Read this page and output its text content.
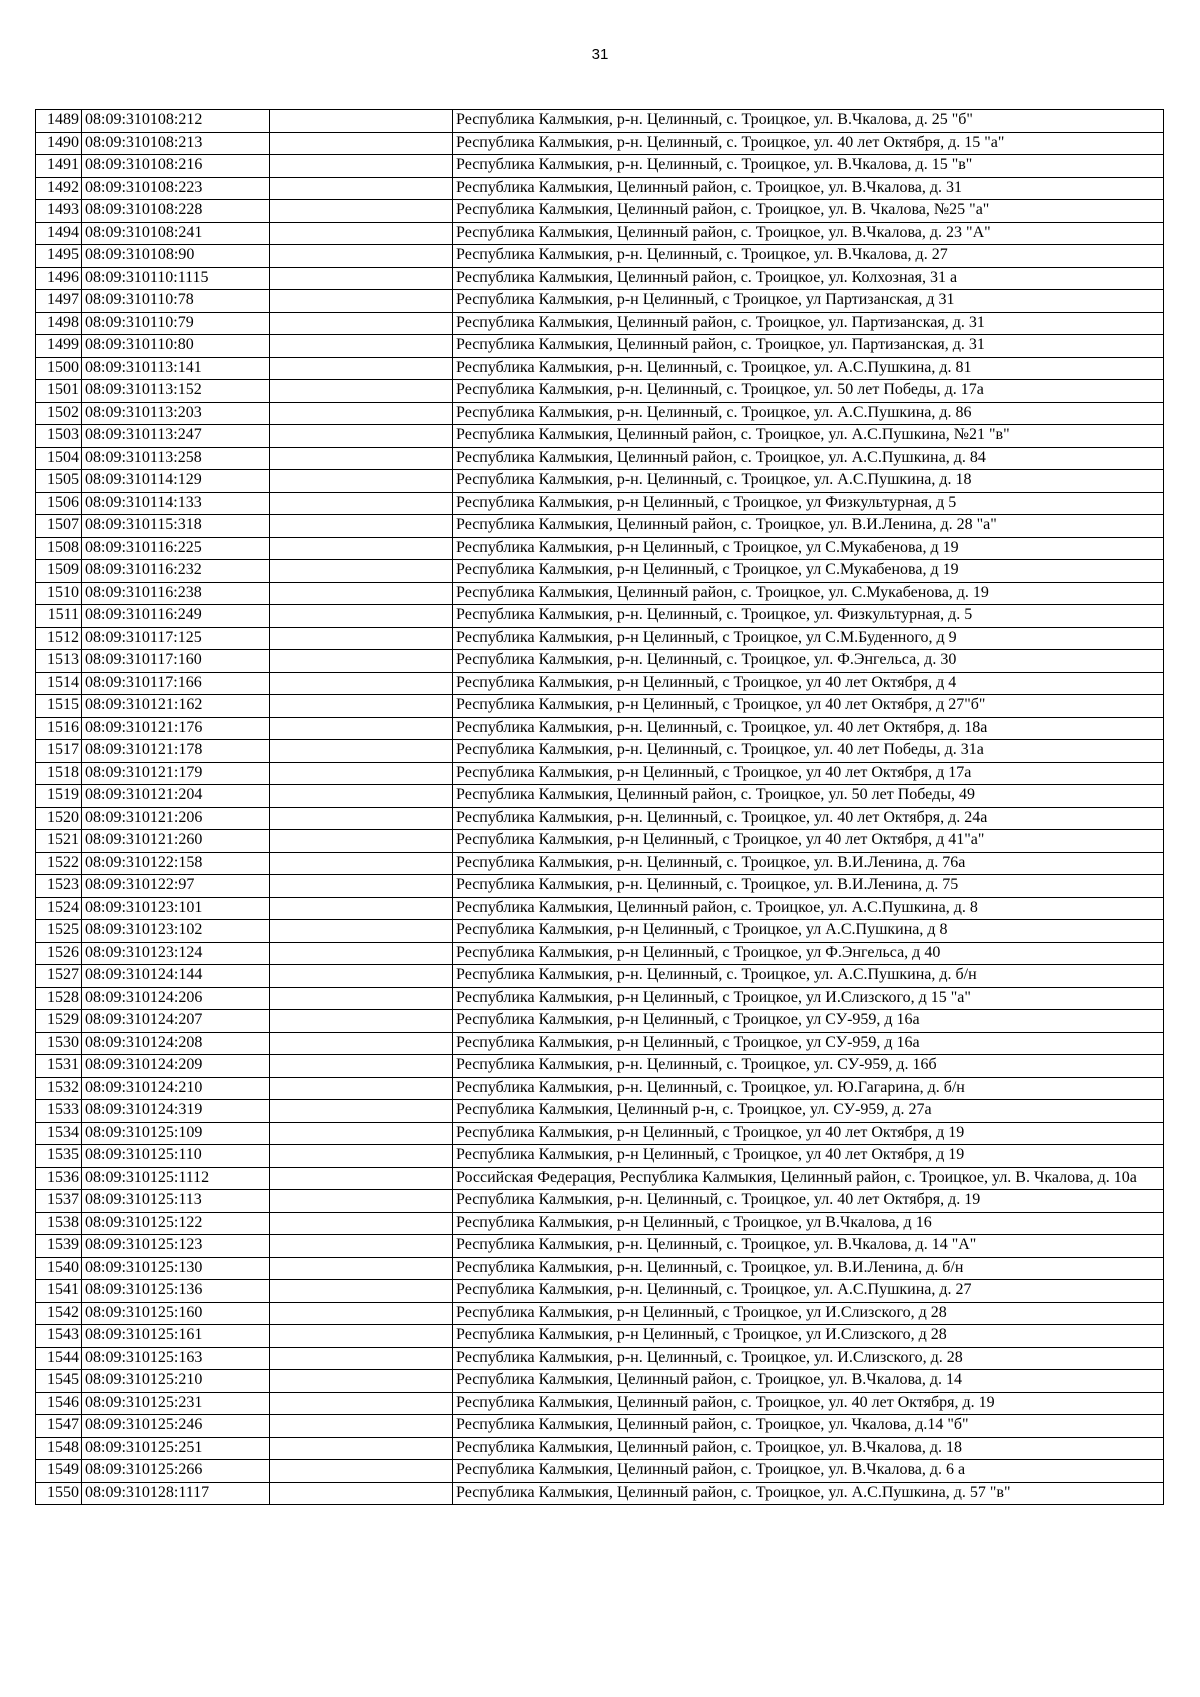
31
1489	08:09:310108:212		Республика Калмыкия, р-н. Целинный, с. Троицкое, ул. В.Чкалова, д. 25 "б"
1490	08:09:310108:213		Республика Калмыкия, р-н. Целинный, с. Троицкое, ул. 40 лет Октября, д. 15 "а"
1491	08:09:310108:216		Республика Калмыкия, р-н. Целинный, с. Троицкое, ул. В.Чкалова, д. 15 "в"
1492	08:09:310108:223		Республика Калмыкия, Целинный район, с. Троицкое, ул. В.Чкалова, д. 31
1493	08:09:310108:228		Республика Калмыкия, Целинный район, с. Троицкое, ул. В. Чкалова, №25 "а"
1494	08:09:310108:241		Республика Калмыкия, Целинный район, с. Троицкое, ул. В.Чкалова, д. 23 "А"
1495	08:09:310108:90		Республика Калмыкия, р-н. Целинный, с. Троицкое, ул. В.Чкалова, д. 27
1496	08:09:310110:1115		Республика Калмыкия, Целинный район, с. Троицкое, ул. Колхозная, 31 а
1497	08:09:310110:78		Республика Калмыкия, р-н Целинный, с Троицкое, ул Партизанская, д 31
1498	08:09:310110:79		Республика Калмыкия, Целинный район, с. Троицкое, ул. Партизанская, д. 31
1499	08:09:310110:80		Республика Калмыкия, Целинный район, с. Троицкое, ул. Партизанская, д. 31
1500	08:09:310113:141		Республика Калмыкия, р-н. Целинный, с. Троицкое, ул. А.С.Пушкина, д. 81
1501	08:09:310113:152		Республика Калмыкия, р-н. Целинный, с. Троицкое, ул. 50 лет Победы, д. 17а
1502	08:09:310113:203		Республика Калмыкия, р-н. Целинный, с. Троицкое, ул. А.С.Пушкина, д. 86
1503	08:09:310113:247		Республика Калмыкия, Целинный район, с. Троицкое, ул. А.С.Пушкина, №21 "в"
1504	08:09:310113:258		Республика Калмыкия, Целинный район, с. Троицкое, ул. А.С.Пушкина, д. 84
1505	08:09:310114:129		Республика Калмыкия, р-н. Целинный, с. Троицкое, ул. А.С.Пушкина, д. 18
1506	08:09:310114:133		Республика Калмыкия, р-н Целинный, с Троицкое, ул Физкультурная, д 5
1507	08:09:310115:318		Республика Калмыкия, Целинный район, с. Троицкое, ул. В.И.Ленина, д. 28 "а"
1508	08:09:310116:225		Республика Калмыкия, р-н Целинный, с Троицкое, ул С.Мукабенова, д 19
1509	08:09:310116:232		Республика Калмыкия, р-н Целинный, с Троицкое, ул С.Мукабенова, д 19
1510	08:09:310116:238		Республика Калмыкия, Целинный район, с. Троицкое, ул. С.Мукабенова, д. 19
1511	08:09:310116:249		Республика Калмыкия, р-н. Целинный, с. Троицкое, ул. Физкультурная, д. 5
1512	08:09:310117:125		Республика Калмыкия, р-н Целинный, с Троицкое, ул С.М.Буденного, д 9
1513	08:09:310117:160		Республика Калмыкия, р-н. Целинный, с. Троицкое, ул. Ф.Энгельса, д. 30
1514	08:09:310117:166		Республика Калмыкия, р-н Целинный, с Троицкое, ул 40 лет Октября, д 4
1515	08:09:310121:162		Республика Калмыкия, р-н Целинный, с Троицкое, ул 40 лет Октября, д 27"б"
1516	08:09:310121:176		Республика Калмыкия, р-н. Целинный, с. Троицкое, ул. 40 лет Октября, д. 18а
1517	08:09:310121:178		Республика Калмыкия, р-н. Целинный, с. Троицкое, ул. 40 лет Победы, д. 31а
1518	08:09:310121:179		Республика Калмыкия, р-н Целинный, с Троицкое, ул 40 лет Октября, д 17а
1519	08:09:310121:204		Республика Калмыкия, Целинный район, с. Троицкое, ул. 50 лет Победы, 49
1520	08:09:310121:206		Республика Калмыкия, р-н. Целинный, с. Троицкое, ул. 40 лет Октября, д. 24а
1521	08:09:310121:260		Республика Калмыкия, р-н Целинный, с Троицкое, ул 40 лет Октября, д 41"а"
1522	08:09:310122:158		Республика Калмыкия, р-н. Целинный, с. Троицкое, ул. В.И.Ленина, д. 76а
1523	08:09:310122:97		Республика Калмыкия, р-н. Целинный, с. Троицкое, ул. В.И.Ленина, д. 75
1524	08:09:310123:101		Республика Калмыкия, Целинный район, с. Троицкое, ул. А.С.Пушкина, д. 8
1525	08:09:310123:102		Республика Калмыкия, р-н Целинный, с Троицкое, ул А.С.Пушкина, д 8
1526	08:09:310123:124		Республика Калмыкия, р-н Целинный, с Троицкое, ул Ф.Энгельса, д 40
1527	08:09:310124:144		Республика Калмыкия, р-н. Целинный, с. Троицкое, ул. А.С.Пушкина, д. б/н
1528	08:09:310124:206		Республика Калмыкия, р-н Целинный, с Троицкое, ул И.Слизского, д 15 "а"
1529	08:09:310124:207		Республика Калмыкия, р-н Целинный, с Троицкое, ул СУ-959, д 16а
1530	08:09:310124:208		Республика Калмыкия, р-н Целинный, с Троицкое, ул СУ-959, д 16а
1531	08:09:310124:209		Республика Калмыкия, р-н. Целинный, с. Троицкое, ул. СУ-959, д. 16б
1532	08:09:310124:210		Республика Калмыкия, р-н. Целинный, с. Троицкое, ул. Ю.Гагарина, д. б/н
1533	08:09:310124:319		Республика Калмыкия, Целинный р-н, с. Троицкое, ул. СУ-959, д. 27а
1534	08:09:310125:109		Республика Калмыкия, р-н Целинный, с Троицкое, ул 40 лет Октября, д 19
1535	08:09:310125:110		Республика Калмыкия, р-н Целинный, с Троицкое, ул 40 лет Октября, д 19
1536	08:09:310125:1112		Российская Федерация, Республика Калмыкия, Целинный район, с. Троицкое, ул. В. Чкалова, д. 10а
1537	08:09:310125:113		Республика Калмыкия, р-н. Целинный, с. Троицкое, ул. 40 лет Октября, д. 19
1538	08:09:310125:122		Республика Калмыкия, р-н Целинный, с Троицкое, ул В.Чкалова, д 16
1539	08:09:310125:123		Республика Калмыкия, р-н. Целинный, с. Троицкое, ул. В.Чкалова, д. 14 "А"
1540	08:09:310125:130		Республика Калмыкия, р-н. Целинный, с. Троицкое, ул. В.И.Ленина, д. б/н
1541	08:09:310125:136		Республика Калмыкия, р-н. Целинный, с. Троицкое, ул. А.С.Пушкина, д. 27
1542	08:09:310125:160		Республика Калмыкия, р-н Целинный, с Троицкое, ул И.Слизского, д 28
1543	08:09:310125:161		Республика Калмыкия, р-н Целинный, с Троицкое, ул И.Слизского, д 28
1544	08:09:310125:163		Республика Калмыкия, р-н. Целинный, с. Троицкое, ул. И.Слизского, д. 28
1545	08:09:310125:210		Республика Калмыкия, Целинный район, с. Троицкое, ул. В.Чкалова, д. 14
1546	08:09:310125:231		Республика Калмыкия, Целинный район, с. Троицкое, ул. 40 лет Октября, д. 19
1547	08:09:310125:246		Республика Калмыкия, Целинный район, с. Троицкое, ул. Чкалова, д.14 "б"
1548	08:09:310125:251		Республика Калмыкия, Целинный район, с. Троицкое, ул. В.Чкалова, д. 18
1549	08:09:310125:266		Республика Калмыкия, Целинный район, с. Троицкое, ул. В.Чкалова, д. 6 а
1550	08:09:310128:1117		Республика Калмыкия, Целинный район, с. Троицкое, ул. А.С.Пушкина, д. 57 "в"
